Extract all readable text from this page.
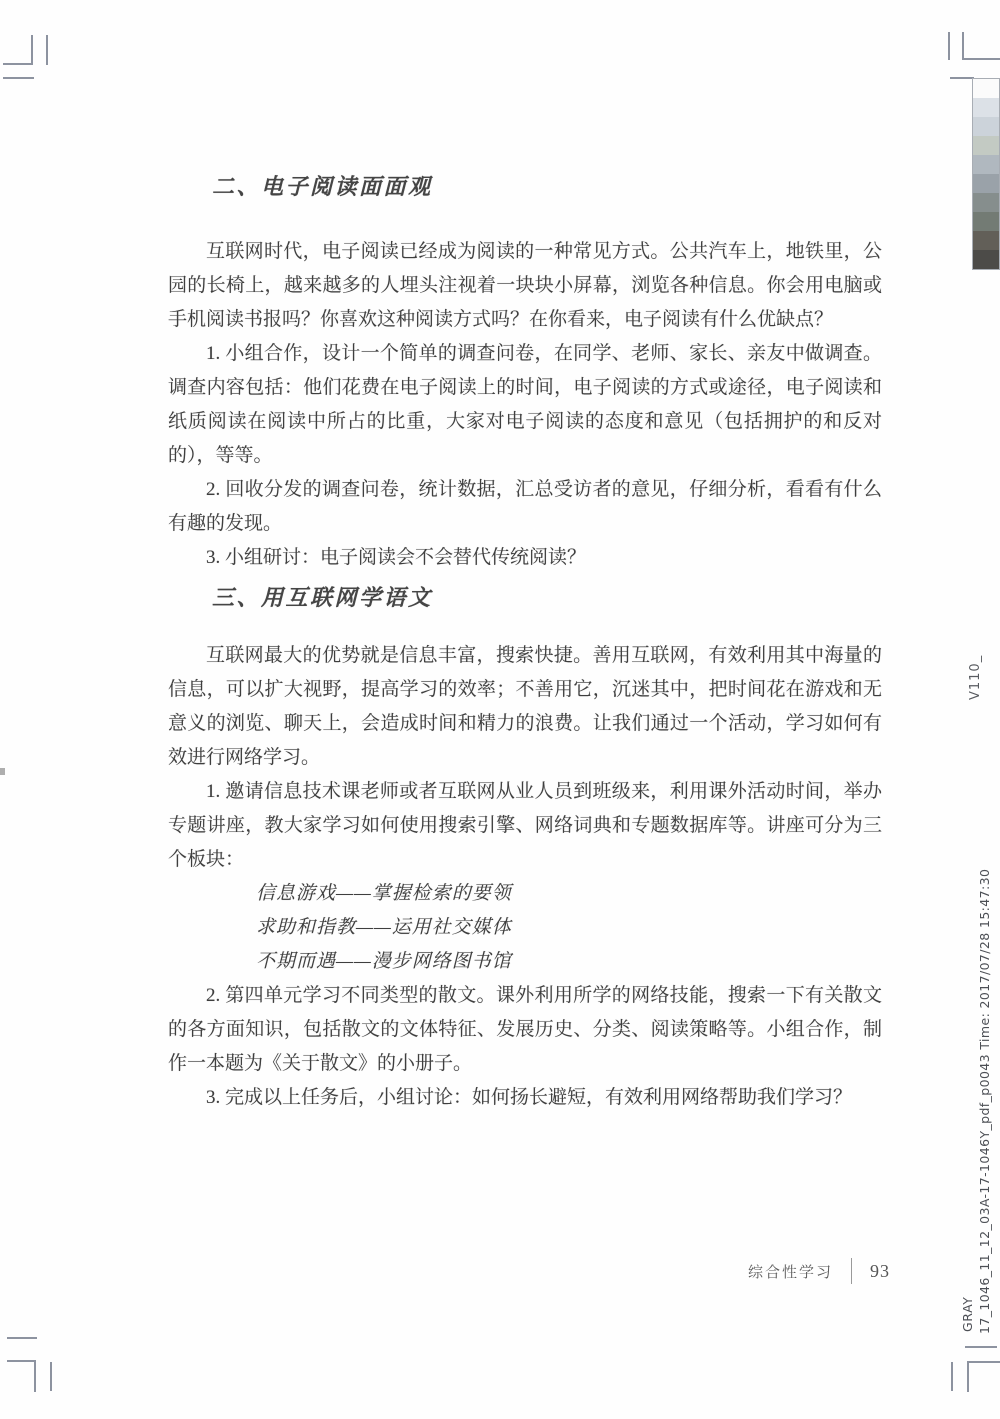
V110_
17_1046_11_12_03A-17-1046Y_pdf_p0043 Time: 2017/07/28 15:47:30
GRAY
二、电子阅读面面观

互联网时代，电子阅读已经成为阅读的一种常见方式。公共汽车上，地铁里，公园的长椅上，越来越多的人埋头注视着一块块小屏幕，浏览各种信息。你会用电脑或手机阅读书报吗？你喜欢这种阅读方式吗？在你看来，电子阅读有什么优缺点？

1. 小组合作，设计一个简单的调查问卷，在同学、老师、家长、亲友中做调查。调查内容包括：他们花费在电子阅读上的时间，电子阅读的方式或途径，电子阅读和纸质阅读在阅读中所占的比重，大家对电子阅读的态度和意见（包括拥护的和反对的），等等。

2. 回收分发的调查问卷，统计数据，汇总受访者的意见，仔细分析，看看有什么有趣的发现。

3. 小组研讨：电子阅读会不会替代传统阅读？

三、用互联网学语文

互联网最大的优势就是信息丰富，搜索快捷。善用互联网，有效利用其中海量的信息，可以扩大视野，提高学习的效率；不善用它，沉迷其中，把时间花在游戏和无意义的浏览、聊天上，会造成时间和精力的浪费。让我们通过一个活动，学习如何有效进行网络学习。

1. 邀请信息技术课老师或者互联网从业人员到班级来，利用课外活动时间，举办专题讲座，教大家学习如何使用搜索引擎、网络词典和专题数据库等。讲座可分为三个板块：

信息游戏——掌握检索的要领
求助和指教——运用社交媒体
不期而遇——漫步网络图书馆

2. 第四单元学习不同类型的散文。课外利用所学的网络技能，搜索一下有关散文的各方面知识，包括散文的文体特征、发展历史、分类、阅读策略等。小组合作，制作一本题为《关于散文》的小册子。

3. 完成以上任务后，小组讨论：如何扬长避短，有效利用网络帮助我们学习？

综合性学习 93
